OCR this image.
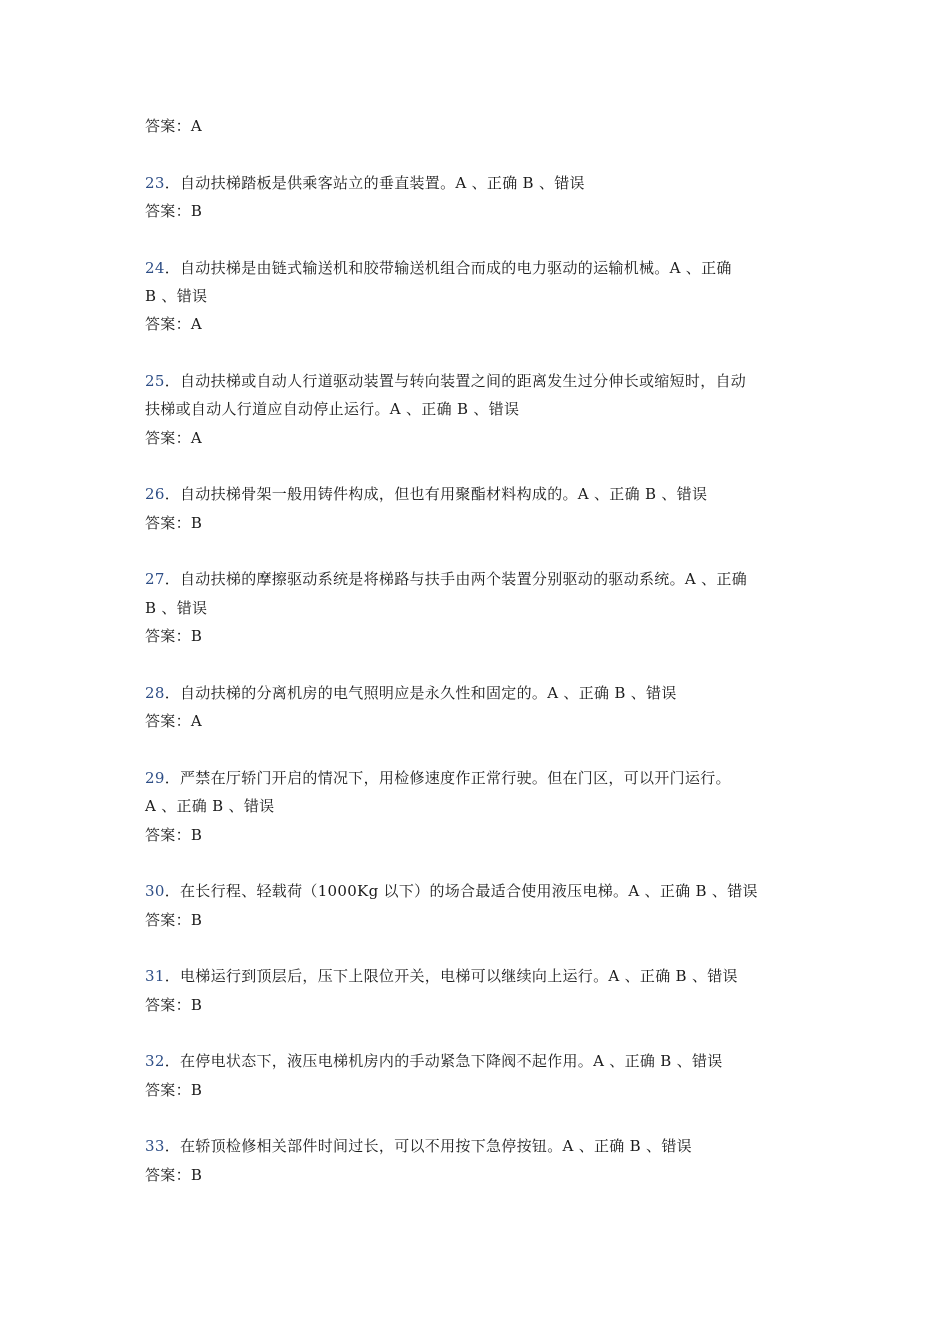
答案：A
23．自动扶梯踏板是供乘客站立的垂直装置。A 、正确 B 、错误
答案：B
24．自动扶梯是由链式输送机和胶带输送机组合而成的电力驱动的运输机械。A 、正确
B 、错误
答案：A
25．自动扶梯或自动人行道驱动装置与转向装置之间的距离发生过分伸长或缩短时，自动
扶梯或自动人行道应自动停止运行。A 、正确 B 、错误
答案：A
26．自动扶梯骨架一般用铸件构成，但也有用聚酯材料构成的。A 、正确 B 、错误
答案：B
27．自动扶梯的摩擦驱动系统是将梯路与扶手由两个装置分别驱动的驱动系统。A 、正确
B 、错误
答案：B
28．自动扶梯的分离机房的电气照明应是永久性和固定的。A 、正确 B 、错误
答案：A
29．严禁在厅轿门开启的情况下，用检修速度作正常行驶。但在门区，可以开门运行。
A 、正确 B 、错误
答案：B
30．在长行程、轻载荷（1000Kg 以下）的场合最适合使用液压电梯。A 、正确 B 、错误
答案：B
31．电梯运行到顶层后，压下上限位开关，电梯可以继续向上运行。A 、正确 B 、错误
答案：B
32．在停电状态下，液压电梯机房内的手动紧急下降阀不起作用。A 、正确 B 、错误
答案：B
33．在轿顶检修相关部件时间过长，可以不用按下急停按钮。A 、正确 B 、错误
答案：B
